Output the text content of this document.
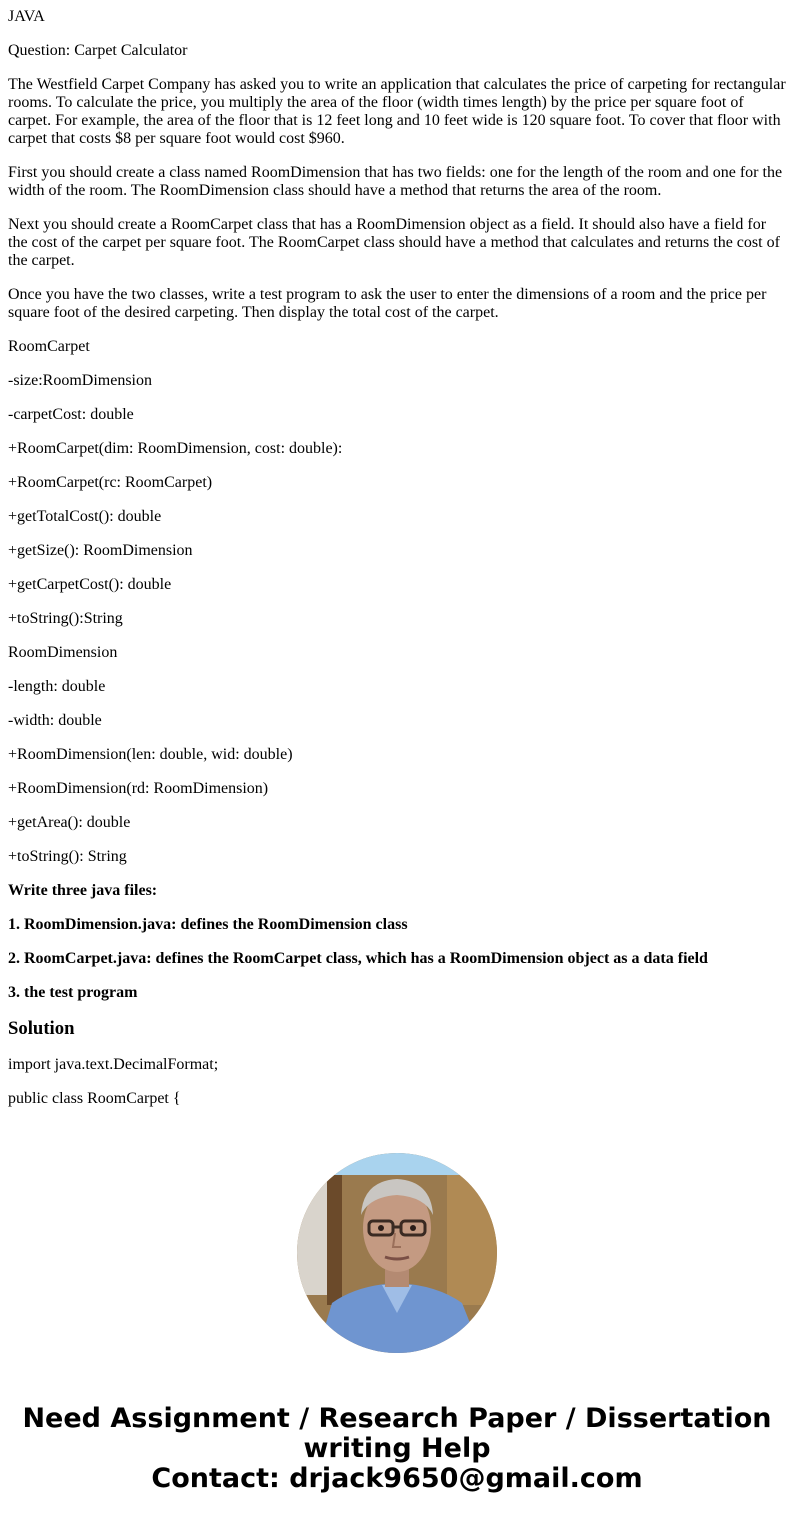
JAVA

Question: Carpet Calculator

The Westfield Carpet Company has asked you to write an application that calculates the price of carpeting for rectangular rooms. To calculate the price, you multiply the area of the floor (width times length) by the price per square foot of carpet. For example, the area of the floor that is 12 feet long and 10 feet wide is 120 square foot. To cover that floor with carpet that costs $8 per square foot would cost $960.

First you should create a class named RoomDimension that has two fields: one for the length of the room and one for the width of the room. The RoomDimension class should have a method that returns the area of the room.

Next you should create a RoomCarpet class that has a RoomDimension object as a field. It should also have a field for the cost of the carpet per square foot. The RoomCarpet class should have a method that calculates and returns the cost of the carpet.

Once you have the two classes, write a test program to ask the user to enter the dimensions of a room and the price per square foot of the desired carpeting. Then display the total cost of the carpet.

RoomCarpet

-size:RoomDimension

-carpetCost: double

+RoomCarpet(dim: RoomDimension, cost: double):

+RoomCarpet(rc: RoomCarpet)

+getTotalCost(): double

+getSize(): RoomDimension

+getCarpetCost(): double

+toString():String

RoomDimension

-length: double

-width: double

+RoomDimension(len: double, wid: double)

+RoomDimension(rd: RoomDimension)

+getArea(): double

+toString(): String

Write three java files:

1. RoomDimension.java: defines the RoomDimension class

2. RoomCarpet.java: defines the RoomCarpet class, which has a RoomDimension object as a data field

3. the test program

Solution

import java.text.DecimalFormat;

public class RoomCarpet {

Need Assignment / Research Paper / Dissertation
writing Help
Contact: drjack9650@gmail.com
